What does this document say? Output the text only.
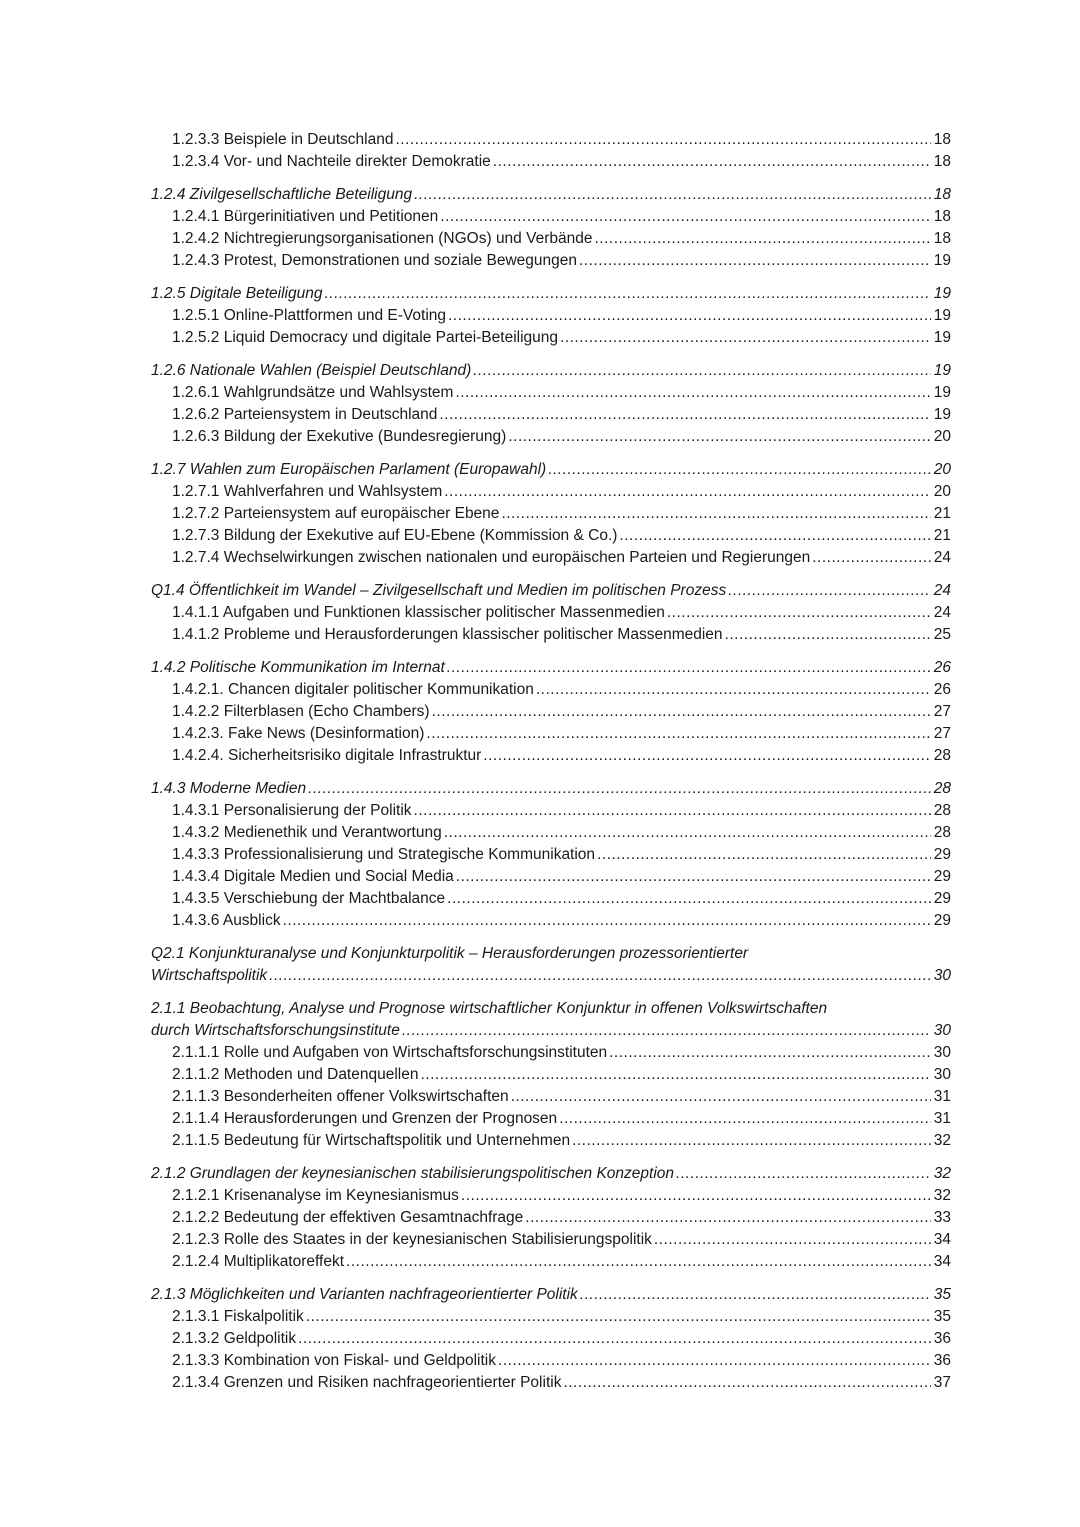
1.2.3.3 Beispiele in Deutschland .....	18
1.2.3.4 Vor- und Nachteile direkter Demokratie .....	18
1.2.4 Zivilgesellschaftliche Beteiligung .....	18
1.2.4.1 Bürgerinitiativen und Petitionen .....	18
1.2.4.2 Nichtregierungsorganisationen (NGOs) und Verbände .....	18
1.2.4.3 Protest, Demonstrationen und soziale Bewegungen .....	19
1.2.5 Digitale Beteiligung .....	19
1.2.5.1 Online-Plattformen und E-Voting .....	19
1.2.5.2 Liquid Democracy und digitale Partei-Beteiligung .....	19
1.2.6 Nationale Wahlen (Beispiel Deutschland) .....	19
1.2.6.1 Wahlgrundsätze und Wahlsystem .....	19
1.2.6.2 Parteiensystem in Deutschland .....	19
1.2.6.3 Bildung der Exekutive (Bundesregierung) .....	20
1.2.7 Wahlen zum Europäischen Parlament (Europawahl) .....	20
1.2.7.1 Wahlverfahren und Wahlsystem .....	20
1.2.7.2 Parteiensystem auf europäischer Ebene .....	21
1.2.7.3 Bildung der Exekutive auf EU-Ebene (Kommission & Co.) .....	21
1.2.7.4 Wechselwirkungen zwischen nationalen und europäischen Parteien und Regierungen .....	24
Q1.4 Öffentlichkeit im Wandel – Zivilgesellschaft und Medien im politischen Prozess .....	24
1.4.1.1 Aufgaben und Funktionen klassischer politischer Massenmedien .....	24
1.4.1.2 Probleme und Herausforderungen klassischer politischer Massenmedien .....	25
1.4.2 Politische Kommunikation im Internat .....	26
1.4.2.1. Chancen digitaler politischer Kommunikation .....	26
1.4.2.2 Filterblasen (Echo Chambers) .....	27
1.4.2.3. Fake News (Desinformation) .....	27
1.4.2.4. Sicherheitsrisiko digitale Infrastruktur .....	28
1.4.3 Moderne Medien .....	28
1.4.3.1 Personalisierung der Politik .....	28
1.4.3.2 Medienethik und Verantwortung .....	28
1.4.3.3 Professionalisierung und Strategische Kommunikation .....	29
1.4.3.4 Digitale Medien und Social Media .....	29
1.4.3.5 Verschiebung der Machtbalance .....	29
1.4.3.6 Ausblick .....	29
Q2.1 Konjunkturanalyse und Konjunkturpolitik – Herausforderungen prozessorientierter
Wirtschaftspolitik .....	30
2.1.1 Beobachtung, Analyse und Prognose wirtschaftlicher Konjunktur in offenen Volkswirtschaften
durch Wirtschaftsforschungsinstitute .....	30
2.1.1.1 Rolle und Aufgaben von Wirtschaftsforschungsinstituten .....	30
2.1.1.2 Methoden und Datenquellen .....	30
2.1.1.3 Besonderheiten offener Volkswirtschaften .....	31
2.1.1.4 Herausforderungen und Grenzen der Prognosen .....	31
2.1.1.5 Bedeutung für Wirtschaftspolitik und Unternehmen .....	32
2.1.2 Grundlagen der keynesianischen stabilisierungspolitischen Konzeption .....	32
2.1.2.1 Krisenanalyse im Keynesianismus .....	32
2.1.2.2 Bedeutung der effektiven Gesamtnachfrage .....	33
2.1.2.3 Rolle des Staates in der keynesianischen Stabilisierungspolitik .....	34
2.1.2.4 Multiplikatoreffekt .....	34
2.1.3 Möglichkeiten und Varianten nachfrageorientierter Politik .....	35
2.1.3.1 Fiskalpolitik .....	35
2.1.3.2 Geldpolitik .....	36
2.1.3.3 Kombination von Fiskal- und Geldpolitik .....	36
2.1.3.4 Grenzen und Risiken nachfrageorientierter Politik .....	37
